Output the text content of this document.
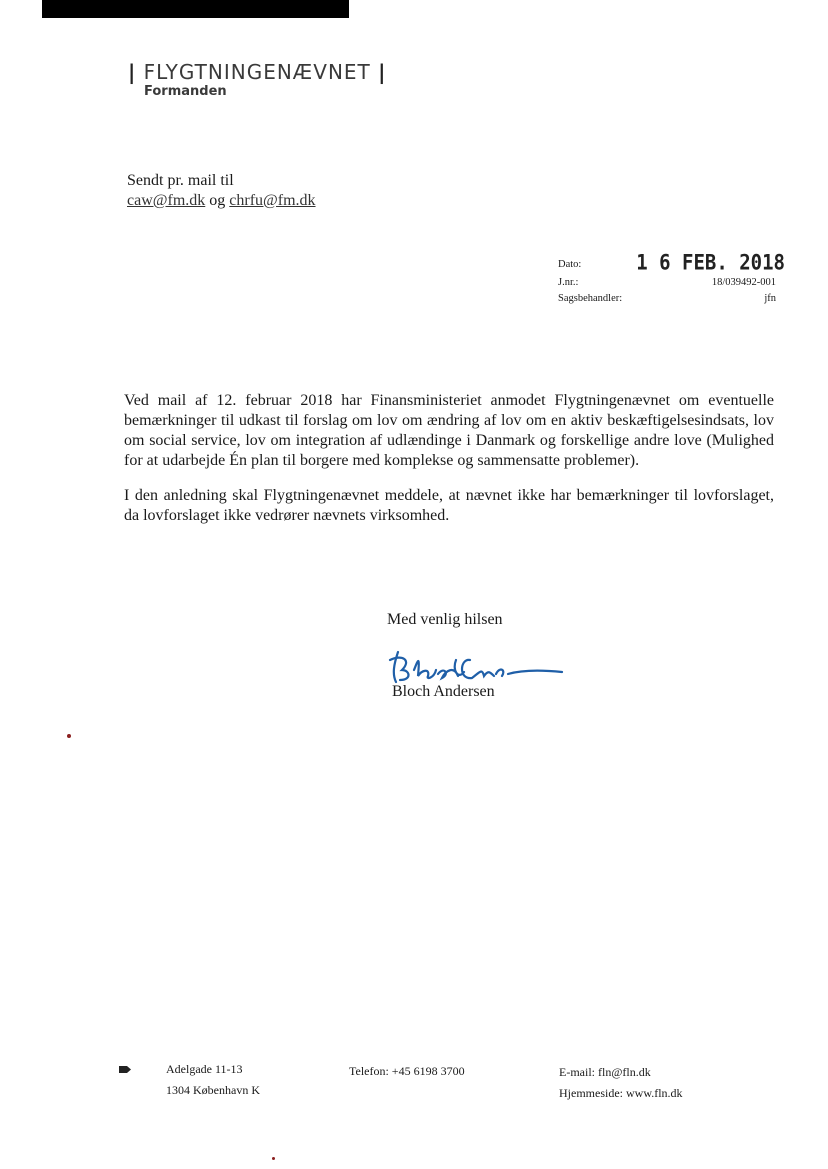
| FLYGTNINGENÆVNET |
Formanden
Sendt pr. mail til
caw@fm.dk og chrfu@fm.dk
Dato:	1 6 FEB. 2018
J.nr.:	18/039492-001
Sagsbehandler:	jfn
Ved mail af 12. februar 2018 har Finansministeriet anmodet Flygtningenævnet om eventuelle bemærkninger til udkast til forslag om lov om ændring af lov om en aktiv beskæftigelsesindsats, lov om social service, lov om integration af udlændinge i Danmark og forskellige andre love (Mulighed for at udarbejde Én plan til borgere med komplekse og sammensatte problemer).
I den anledning skal Flygtningenævnet meddele, at nævnet ikke har bemærkninger til lovforslaget, da lovforslaget ikke vedrører nævnets virksomhed.
Med venlig hilsen
Bloch Andersen
Adelgade 11-13
1304 København K
Telefon: +45 6198 3700	E-mail: fln@fln.dk
Hjemmeside: www.fln.dk
